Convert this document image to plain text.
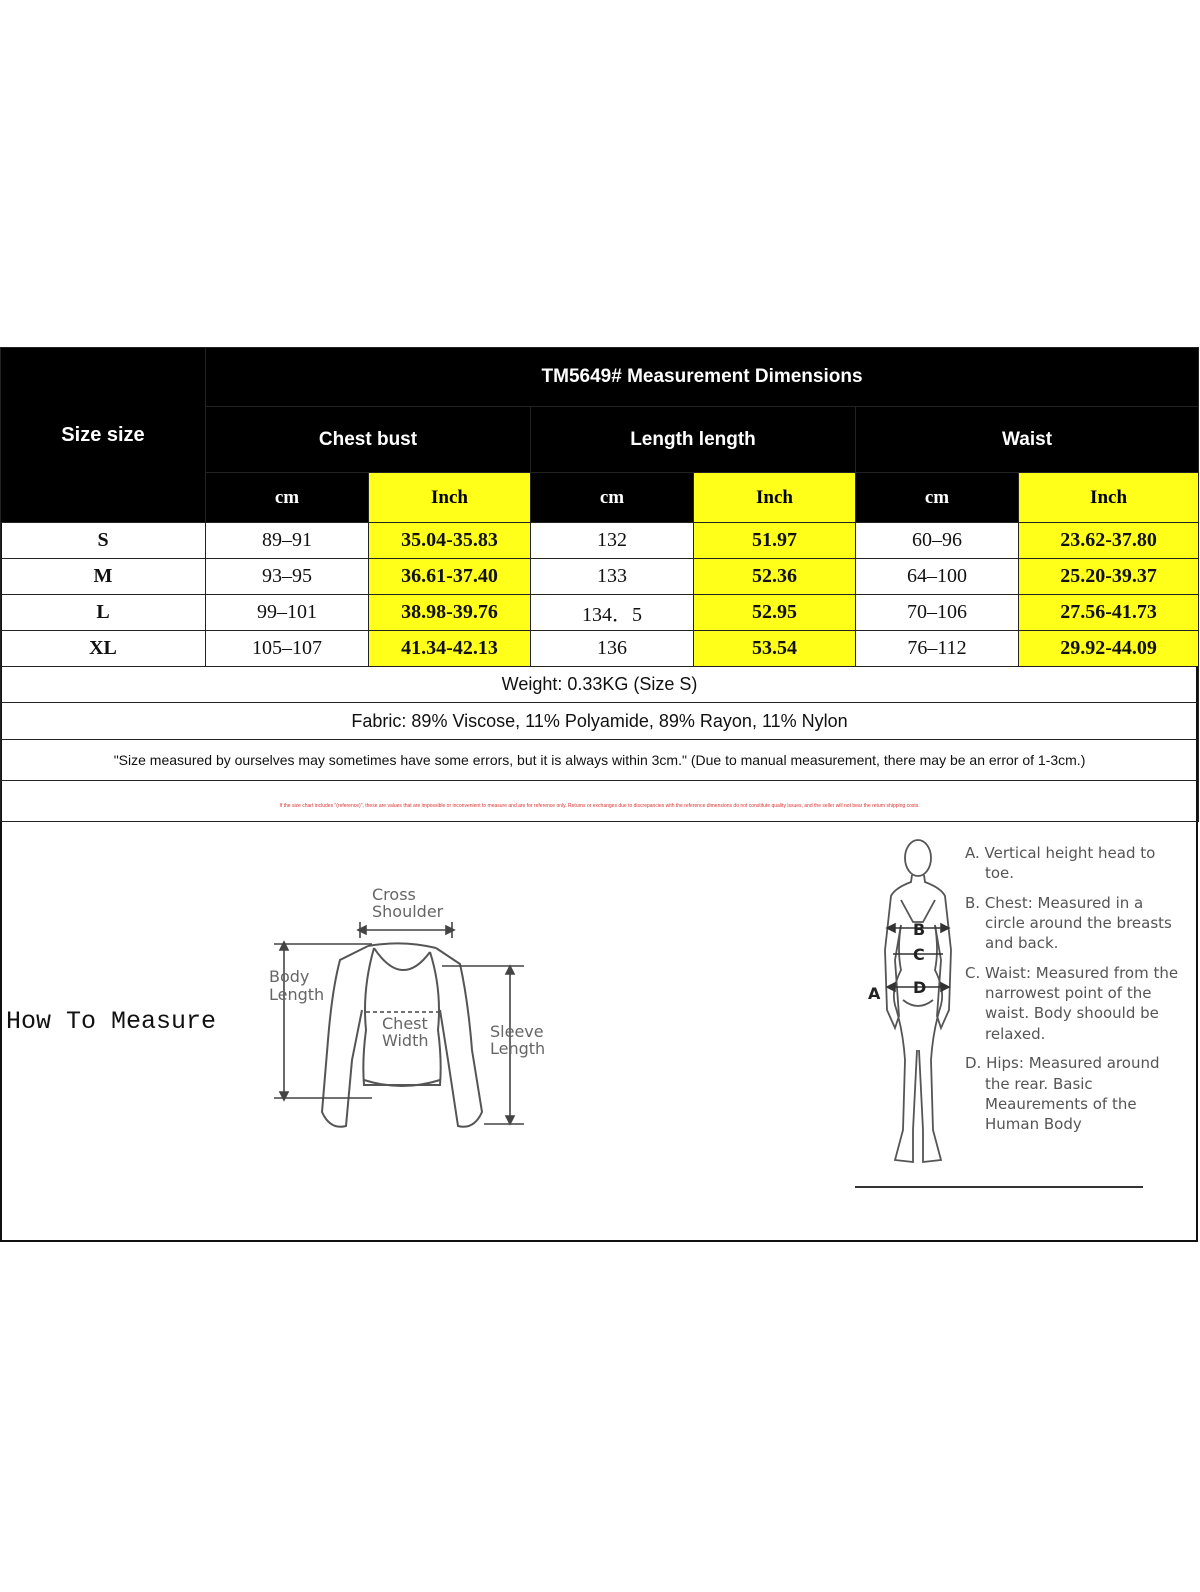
Size size	TM5649# Measurement Dimensions					
	Chest bust		Length length		Waist	
	cm	Inch	cm	Inch	cm	Inch
S	89–91	35.04-35.83	132	51.97	60–96	23.62-37.80
M	93–95	36.61-37.40	133	52.36	64–100	25.20-39.37
L	99–101	38.98-39.76	134．5	52.95	70–106	27.56-41.73
XL	105–107	41.34-42.13	136	53.54	76–112	29.92-44.09
Weight: 0.33KG (Size S)						
Fabric: 89% Viscose, 11% Polyamide, 89% Rayon, 11% Nylon						
"Size measured by ourselves may sometimes have some errors, but it is always within 3cm." (Due to manual measurement, there may be an error of 1-3cm.)						
If the size chart includes "(reference)", these are values that are impossible or inconvenient to measure and are for reference only. Returns or exchanges due to discrepancies with the reference dimensions do not constitute quality issues, and the seller will not bear the return shipping costs.						
How To Measure
Cross
Shoulder
Body
Length
Chest
Width	Sleeve
Length
B
C
D
A

A. Vertical height head to toe.

B. Chest: Measured in a circle around the breasts and back.

C. Waist: Measured from the narrowest point of the waist. Body shoould be relaxed.

D. Hips: Measured around the rear. Basic Meaurements of the Human Body
